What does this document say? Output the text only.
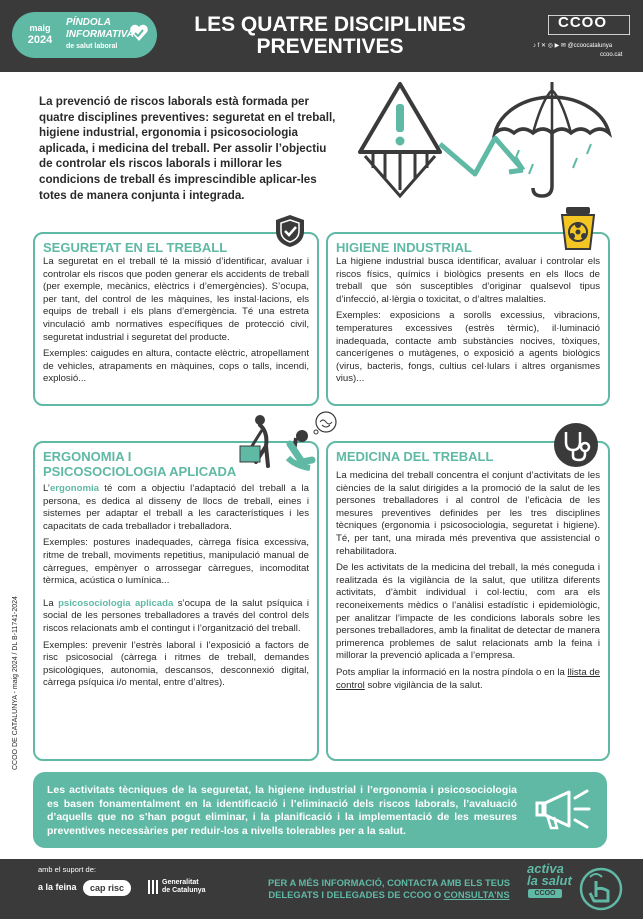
maig
2024
PÍNDOLA
INFORMATIVA
de salut laboral
LES QUATRE DISCIPLINES
PREVENTIVES
CCOO
♪ f ✕ ◎ ▶ ✉ @ccoocatalunya
ccoo.cat
La prevenció de riscos laborals està formada per quatre disciplines preventives: seguretat en el treball, higiene industrial, ergonomia i psicosociologia aplicada, i medicina del treball. Per assolir l’objectiu de controlar els riscos laborals i millorar les condicions de treball és imprescindible aplicar-les totes de manera conjunta i integrada.
SEGURETAT EN EL TREBALL

La seguretat en el treball té la missió d’identificar, avaluar i controlar els riscos que poden generar els accidents de treball (per exemple, mecànics, elèctrics i d’emergències). S’ocupa, per tant, del control de les màquines, les instal·lacions, els equips de treball i els plans d’emergència. Té una estreta vinculació amb normatives específiques de protecció civil, seguretat industrial i seguretat del producte.

Exemples: caigudes en altura, contacte elèctric, atropellament de vehicles, atrapaments en màquines, cops o talls, incendi, explosió...

HIGIENE INDUSTRIAL

La higiene industrial busca identificar, avaluar i controlar els riscos físics, químics i biològics presents en els llocs de treball que són susceptibles d’originar qualsevol tipus d’infecció, al·lèrgia o toxicitat, o d’altres malalties.

Exemples: exposicions a sorolls excessius, vibracions, temperatures excessives (estrès tèrmic), il·luminació inadequada, contacte amb substàncies nocives, tòxiques, cancerígenes o mutàgenes, o exposició a agents biològics (virus, bacteris, fongs, cultius cel·lulars i altres organismes vius)...

ERGONOMIA I
PSICOSOCIOLOGIA APLICADA

L’ergonomia té com a objectiu l’adaptació del treball a la persona, es dedica al disseny de llocs de treball, eines i sistemes per adaptar el treball a les característiques i les capacitats de cada treballador i treballadora.

Exemples: postures inadequades, càrrega física excessiva, ritme de treball, moviments repetitius, manipulació manual de càrregues, empènyer o arrossegar càrregues, incomoditat tèrmica, acústica o lumínica...

La psicosociologia aplicada s’ocupa de la salut psíquica i social de les persones treballadores a través del control dels riscos relacionats amb el contingut i l’organització del treball.

Exemples: prevenir l’estrès laboral i l’exposició a factors de risc psicosocial (càrrega i ritmes de treball, demandes psicològiques, autonomia, descansos, desconnexió digital, càrrega psíquica i/o mental, entre d’altres).

MEDICINA DEL TREBALL

La medicina del treball concentra el conjunt d’activitats de les ciències de la salut dirigides a la promoció de la salut de les persones treballadores i al control de l’eficàcia de les mesures preventives definides per les tres disciplines tècniques (ergonomia i psicosociologia, seguretat i higiene). Té, per tant, una mirada més preventiva que assistencial o rehabilitadora.

De les activitats de la medicina del treball, la més coneguda i realitzada és la vigilància de la salut, que utilitza diferents activitats, d’àmbit individual i col·lectiu, com ara els reconeixements mèdics o l’anàlisi estadístic i epidemiològic, per analitzar l’impacte de les condicions laborals sobre les persones treballadores, amb la finalitat de detectar de manera primerenca problemes de salut relacionats amb la feina i millorar la prevenció aplicada a l’empresa.

Pots ampliar la informació en la nostra píndola o en la llista de control sobre vigilància de la salut.

Les activitats tècniques de la seguretat, la higiene industrial i l’ergonomia i psicosociologia es basen fonamentalment en la identificació i l’eliminació dels riscos laborals, l’avaluació d’aquells que no s’han pogut eliminar, i la planificació i la implementació de les mesures preventives necessàries per reduir-los a nivells tolerables per a la salut.
CCOO DE CATALUNYA - maig 2024 / DL B-11741-2024
amb el suport de:
a la feina	cap risc
Generalitat
de Catalunya
PER A MÉS INFORMACIÓ, CONTACTA AMB ELS TEUS DELEGATS I DELEGADES DE CCOO O CONSULTA’NS
activa
la salut
CCOO
